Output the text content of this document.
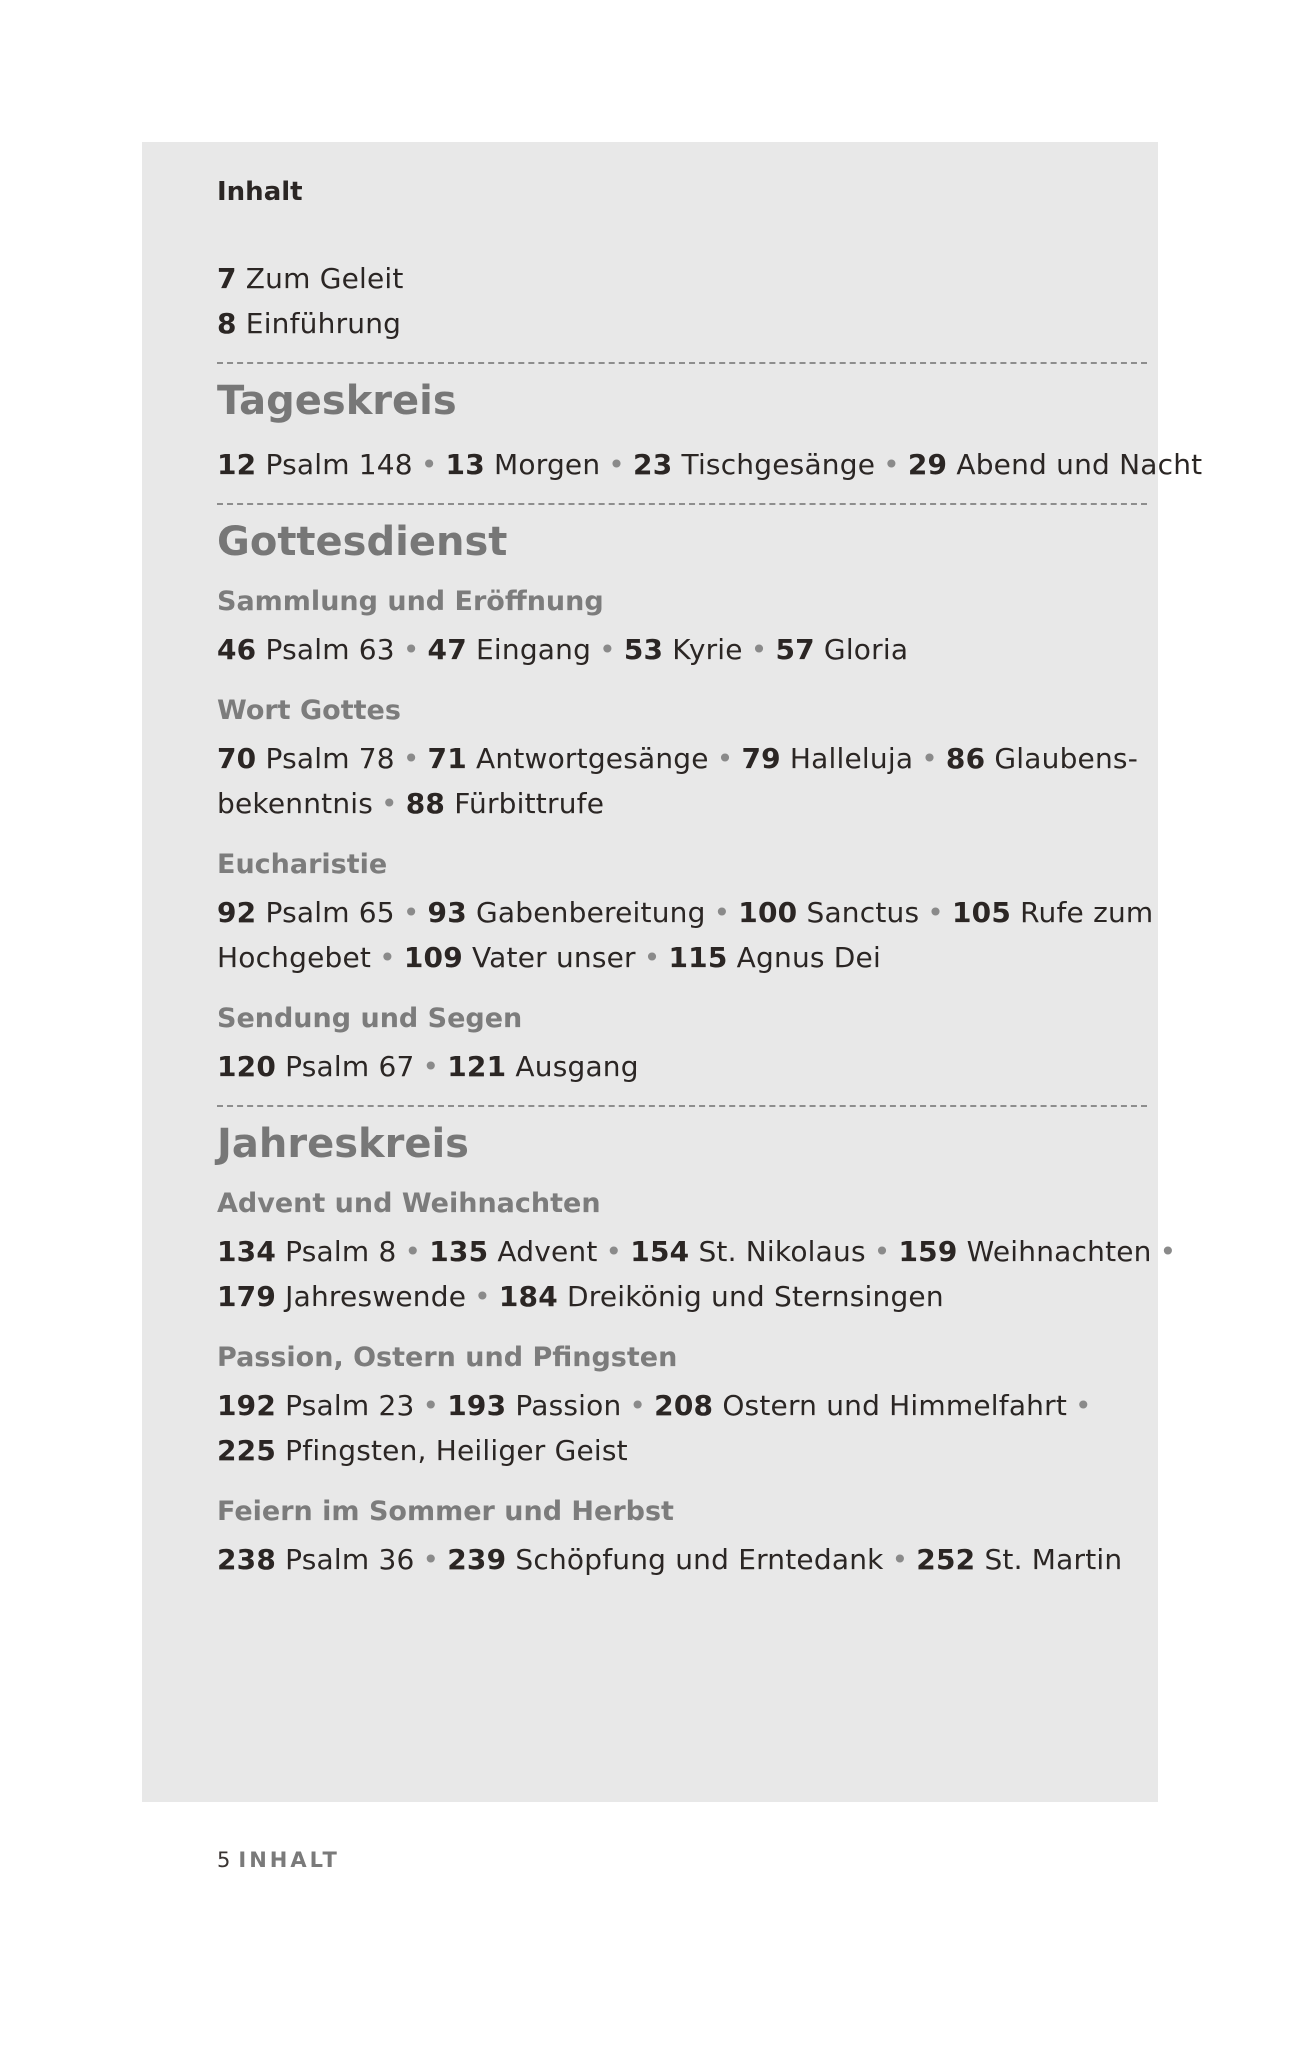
Inhalt
7 Zum Geleit
8 Einführung
Tageskreis
12 Psalm 148 • 13 Morgen • 23 Tischgesänge • 29 Abend und Nacht
Gottesdienst
Sammlung und Eröffnung
46 Psalm 63 • 47 Eingang • 53 Kyrie • 57 Gloria
Wort Gottes
70 Psalm 78 • 71 Antwortgesänge • 79 Halleluja • 86 Glaubens-
bekenntnis • 88 Fürbittrufe
Eucharistie
92 Psalm 65 • 93 Gabenbereitung • 100 Sanctus • 105 Rufe zum
Hochgebet • 109 Vater unser • 115 Agnus Dei
Sendung und Segen
120 Psalm 67 • 121 Ausgang
Jahreskreis
Advent und Weihnachten
134 Psalm 8 • 135 Advent • 154 St. Nikolaus • 159 Weihnachten •
179 Jahreswende • 184 Dreikönig und Sternsingen
Passion, Ostern und Pfingsten
192 Psalm 23 • 193 Passion • 208 Ostern und Himmelfahrt •
225 Pfingsten, Heiliger Geist
Feiern im Sommer und Herbst
238 Psalm 36 • 239 Schöpfung und Erntedank • 252 St. Martin
5 INHALT
